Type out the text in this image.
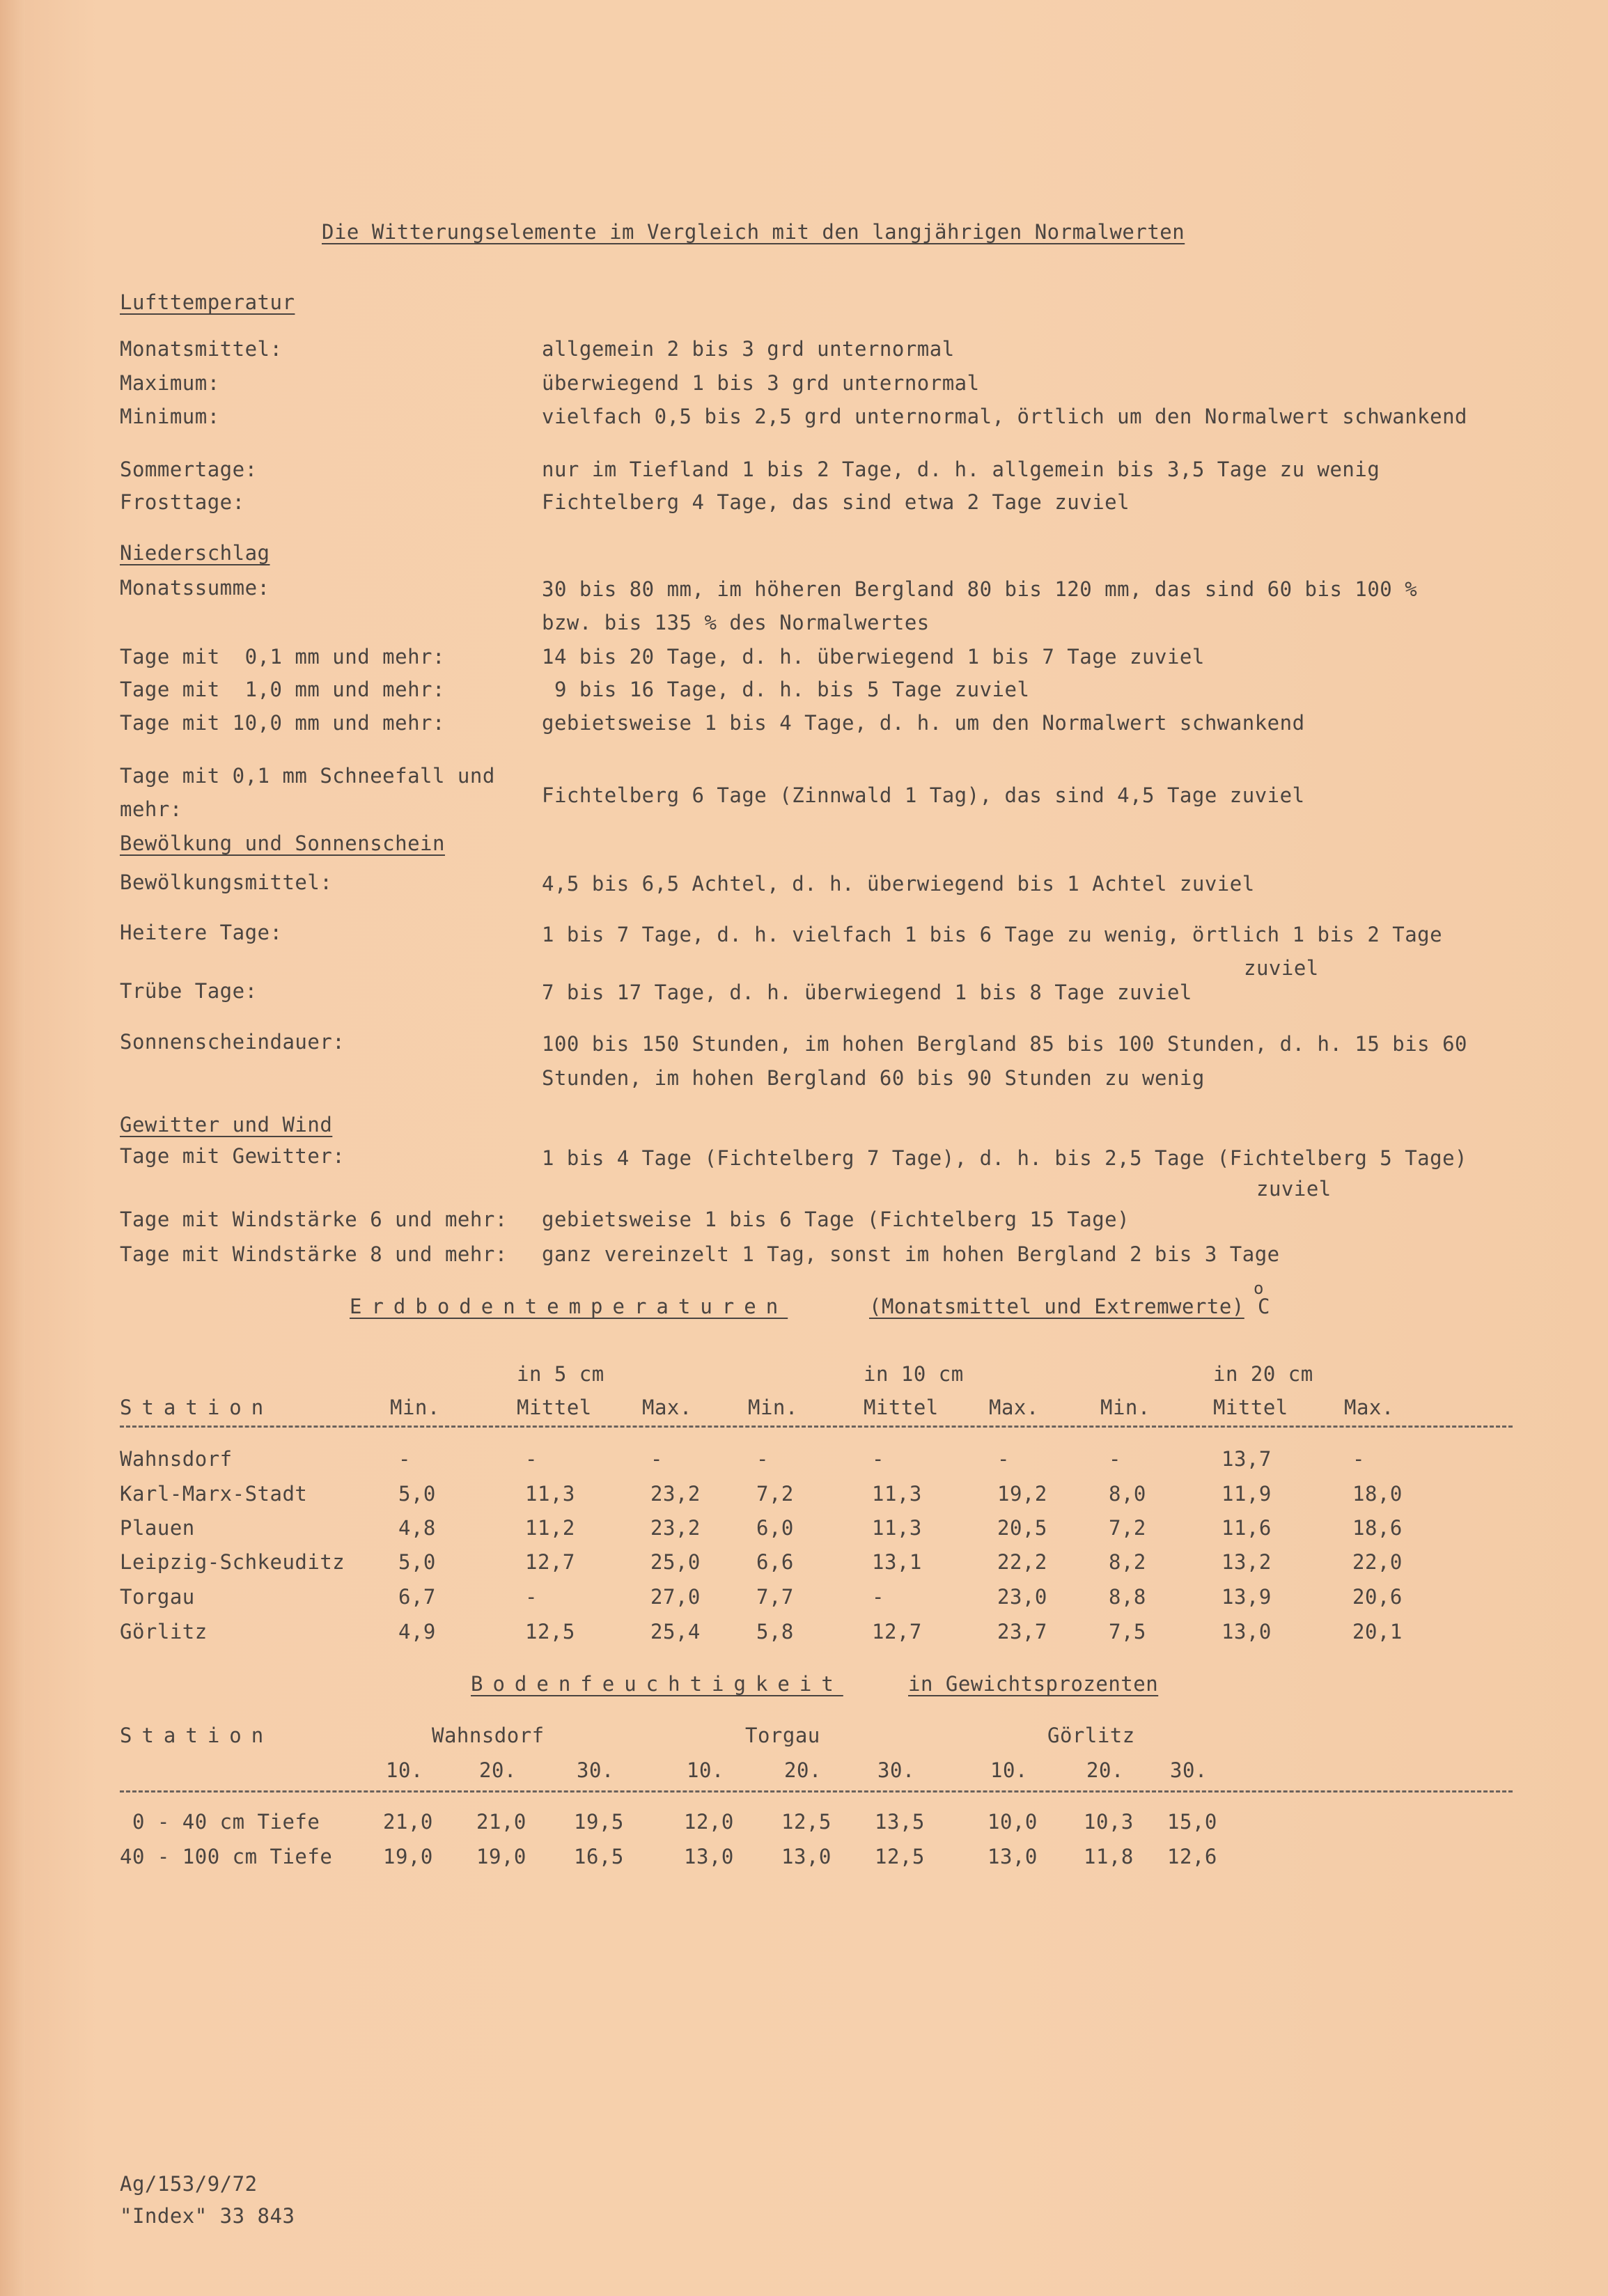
Die Witterungselemente im Vergleich mit den langjährigen Normalwerten
Lufttemperatur
Monatsmittel:	allgemein 2 bis 3 grd unternormal
Maximum:	überwiegend 1 bis 3 grd unternormal
Minimum:	vielfach 0,5 bis 2,5 grd unternormal, örtlich um den Normalwert schwankend
Sommertage:	nur im Tiefland 1 bis 2 Tage, d. h. allgemein bis 3,5 Tage zu wenig
Frosttage:	Fichtelberg 4 Tage, das sind etwa 2 Tage zuviel
Niederschlag
Monatssumme:	30 bis 80 mm, im höheren Bergland 80 bis 120 mm, das sind 60 bis 100 %
bzw. bis 135 % des Normalwertes
Tage mit  0,1 mm und mehr:	14 bis 20 Tage, d. h. überwiegend 1 bis 7 Tage zuviel
Tage mit  1,0 mm und mehr:	9 bis 16 Tage, d. h. bis 5 Tage zuviel
Tage mit 10,0 mm und mehr:	gebietsweise 1 bis 4 Tage, d. h. um den Normalwert schwankend
Tage mit 0,1 mm Schneefall und
mehr:
Fichtelberg 6 Tage (Zinnwald 1 Tag), das sind 4,5 Tage zuviel
Bewölkung und Sonnenschein
Bewölkungsmittel:	4,5 bis 6,5 Achtel, d. h. überwiegend bis 1 Achtel zuviel
Heitere Tage:	1 bis 7 Tage, d. h. vielfach 1 bis 6 Tage zu wenig, örtlich 1 bis 2 Tage
zuviel
Trübe Tage:	7 bis 17 Tage, d. h. überwiegend 1 bis 8 Tage zuviel
Sonnenscheindauer:	100 bis 150 Stunden, im hohen Bergland 85 bis 100 Stunden, d. h. 15 bis 60
Stunden, im hohen Bergland 60 bis 90 Stunden zu wenig
Gewitter und Wind
Tage mit Gewitter:	1 bis 4 Tage (Fichtelberg 7 Tage), d. h. bis 2,5 Tage (Fichtelberg 5 Tage)
zuviel
Tage mit Windstärke 6 und mehr: gebietsweise 1 bis 6 Tage (Fichtelberg 15 Tage)
Tage mit Windstärke 8 und mehr: ganz vereinzelt 1 Tag, sonst im hohen Bergland 2 bis 3 Tage
Erdbodentemperaturen	(Monatsmittel und Extremwerte)
o
C
Bodenfeuchtigkeit	in Gewichtsprozenten
Ag/153/9/72
"Index" 33 843
in 5 cm	in 10 cm	in 20 cm
Station	Min.	Mittel Max.	Min.	Mittel Max.	Min.	Mittel	Max.
Wahnsdorf	-	-	-	-	-	-	-	13,7	-
Karl-Marx-Stadt	5,0	11,3	23,2	7,2	11,3	19,2	8,0	11,9	18,0
Plauen	4,8	11,2	23,2	6,0	11,3	20,5	7,2	11,6	18,6
Leipzig-Schkeuditz	5,0	12,7	25,0	6,6	13,1	22,2	8,2	13,2	22,0
Torgau	6,7	-	27,0	7,7	-	23,0	8,8	13,9	20,6
Görlitz	4,9	12,5	25,4	5,8	12,7	23,7	7,5	13,0	20,1
Station	Wahnsdorf	Torgau	Görlitz
10.	20.	30.	10.	20.	30.	10.	20. 30.
0 - 40 cm Tiefe	21,0 21,0 19,5	12,0 12,5 13,5	10,0 10,3 15,0
40 - 100 cm Tiefe	19,0 19,0 16,5	13,0 13,0 12,5	13,0 11,8 12,6
